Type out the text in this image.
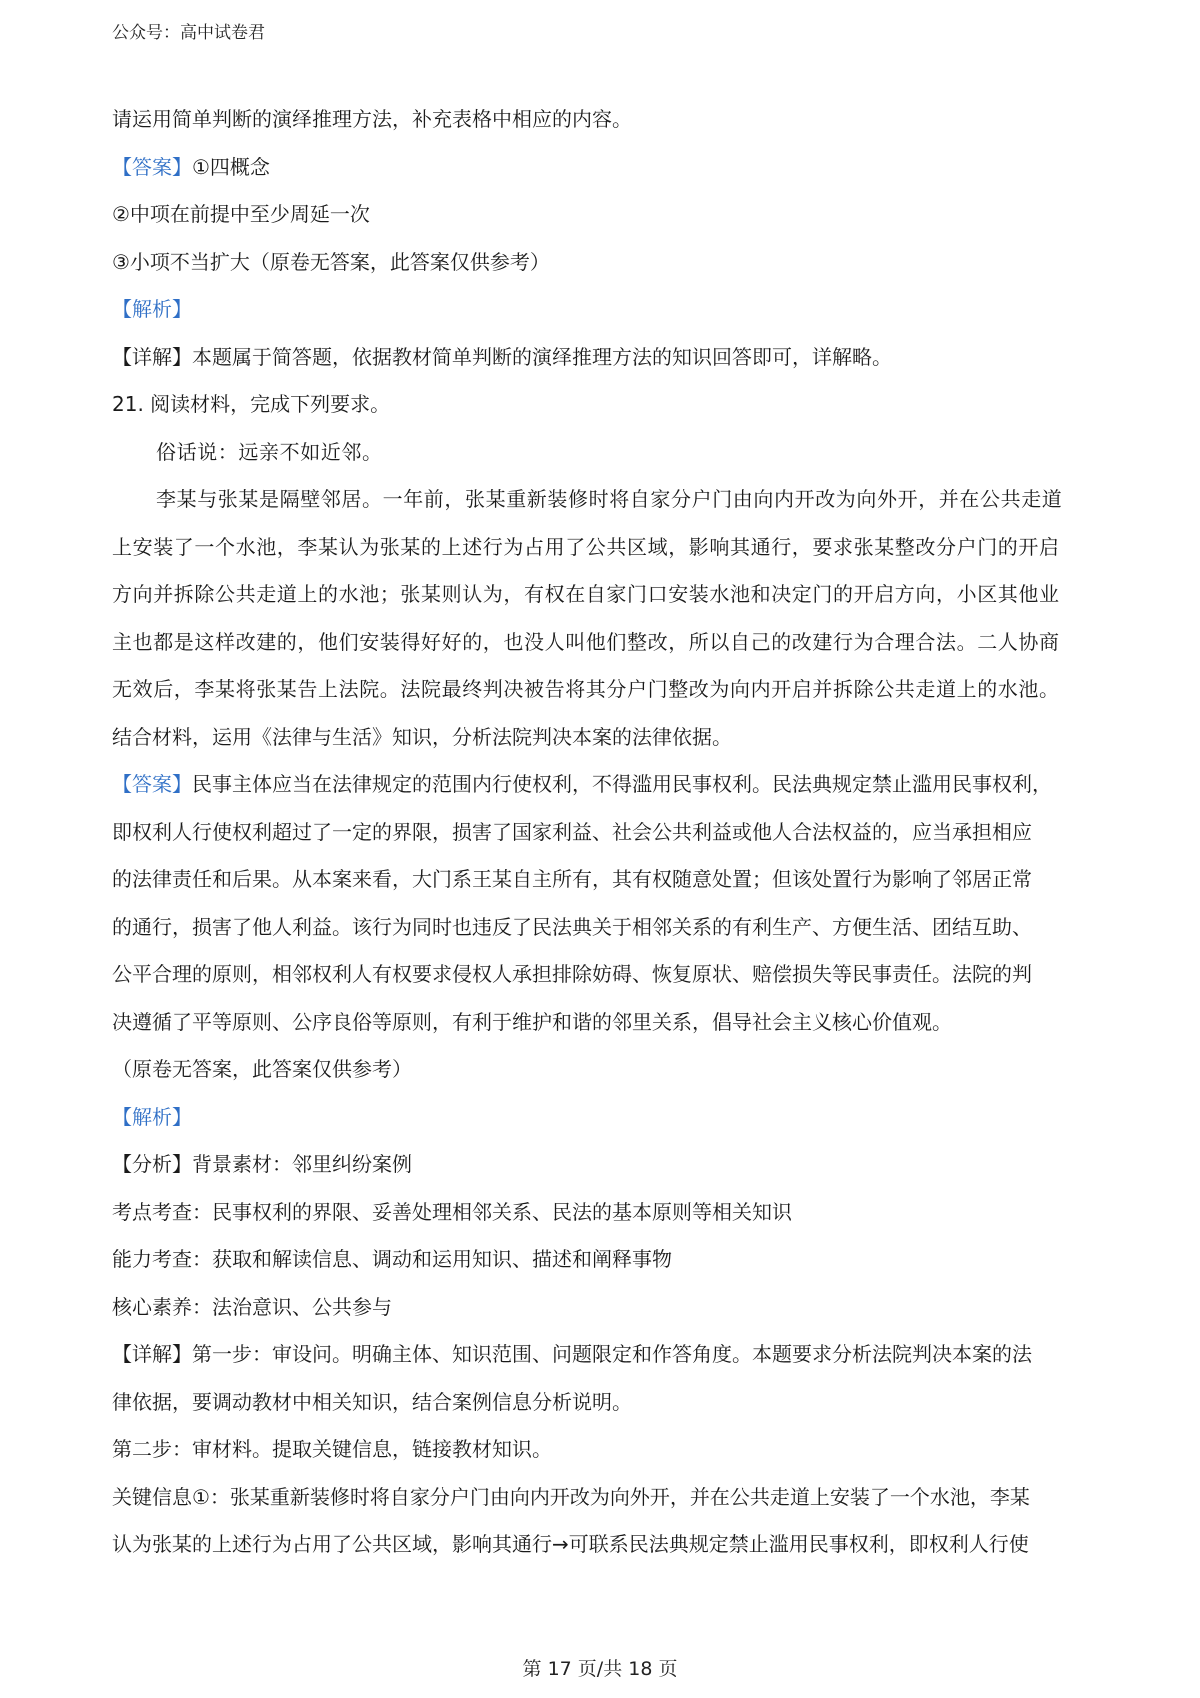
公众号：高中试卷君
请运用简单判断的演绎推理方法，补充表格中相应的内容。
【答案】①四概念
②中项在前提中至少周延一次
③小项不当扩大（原卷无答案，此答案仅供参考）
【解析】
【详解】本题属于简答题，依据教材简单判断的演绎推理方法的知识回答即可，详解略。
21. 阅读材料，完成下列要求。
俗话说：远亲不如近邻。
李某与张某是隔壁邻居。一年前，张某重新装修时将自家分户门由向内开改为向外开，并在公共走道
上安装了一个水池，李某认为张某的上述行为占用了公共区域，影响其通行，要求张某整改分户门的开启
方向并拆除公共走道上的水池；张某则认为，有权在自家门口安装水池和决定门的开启方向，小区其他业
主也都是这样改建的，他们安装得好好的，也没人叫他们整改，所以自己的改建行为合理合法。二人协商
无效后，李某将张某告上法院。法院最终判决被告将其分户门整改为向内开启并拆除公共走道上的水池。
结合材料，运用《法律与生活》知识，分析法院判决本案的法律依据。
【答案】民事主体应当在法律规定的范围内行使权利，不得滥用民事权利。民法典规定禁止滥用民事权利，
即权利人行使权利超过了一定的界限，损害了国家利益、社会公共利益或他人合法权益的，应当承担相应
的法律责任和后果。从本案来看，大门系王某自主所有，其有权随意处置；但该处置行为影响了邻居正常
的通行，损害了他人利益。该行为同时也违反了民法典关于相邻关系的有利生产、方便生活、团结互助、
公平合理的原则，相邻权利人有权要求侵权人承担排除妨碍、恢复原状、赔偿损失等民事责任。法院的判
决遵循了平等原则、公序良俗等原则，有利于维护和谐的邻里关系，倡导社会主义核心价值观。
（原卷无答案，此答案仅供参考）
【解析】
【分析】背景素材：邻里纠纷案例
考点考查：民事权利的界限、妥善处理相邻关系、民法的基本原则等相关知识
能力考查：获取和解读信息、调动和运用知识、描述和阐释事物
核心素养：法治意识、公共参与
【详解】第一步：审设问。明确主体、知识范围、问题限定和作答角度。本题要求分析法院判决本案的法
律依据，要调动教材中相关知识，结合案例信息分析说明。
第二步：审材料。提取关键信息，链接教材知识。
关键信息①：张某重新装修时将自家分户门由向内开改为向外开，并在公共走道上安装了一个水池，李某
认为张某的上述行为占用了公共区域，影响其通行→可联系民法典规定禁止滥用民事权利，即权利人行使
第 17 页/共 18 页
